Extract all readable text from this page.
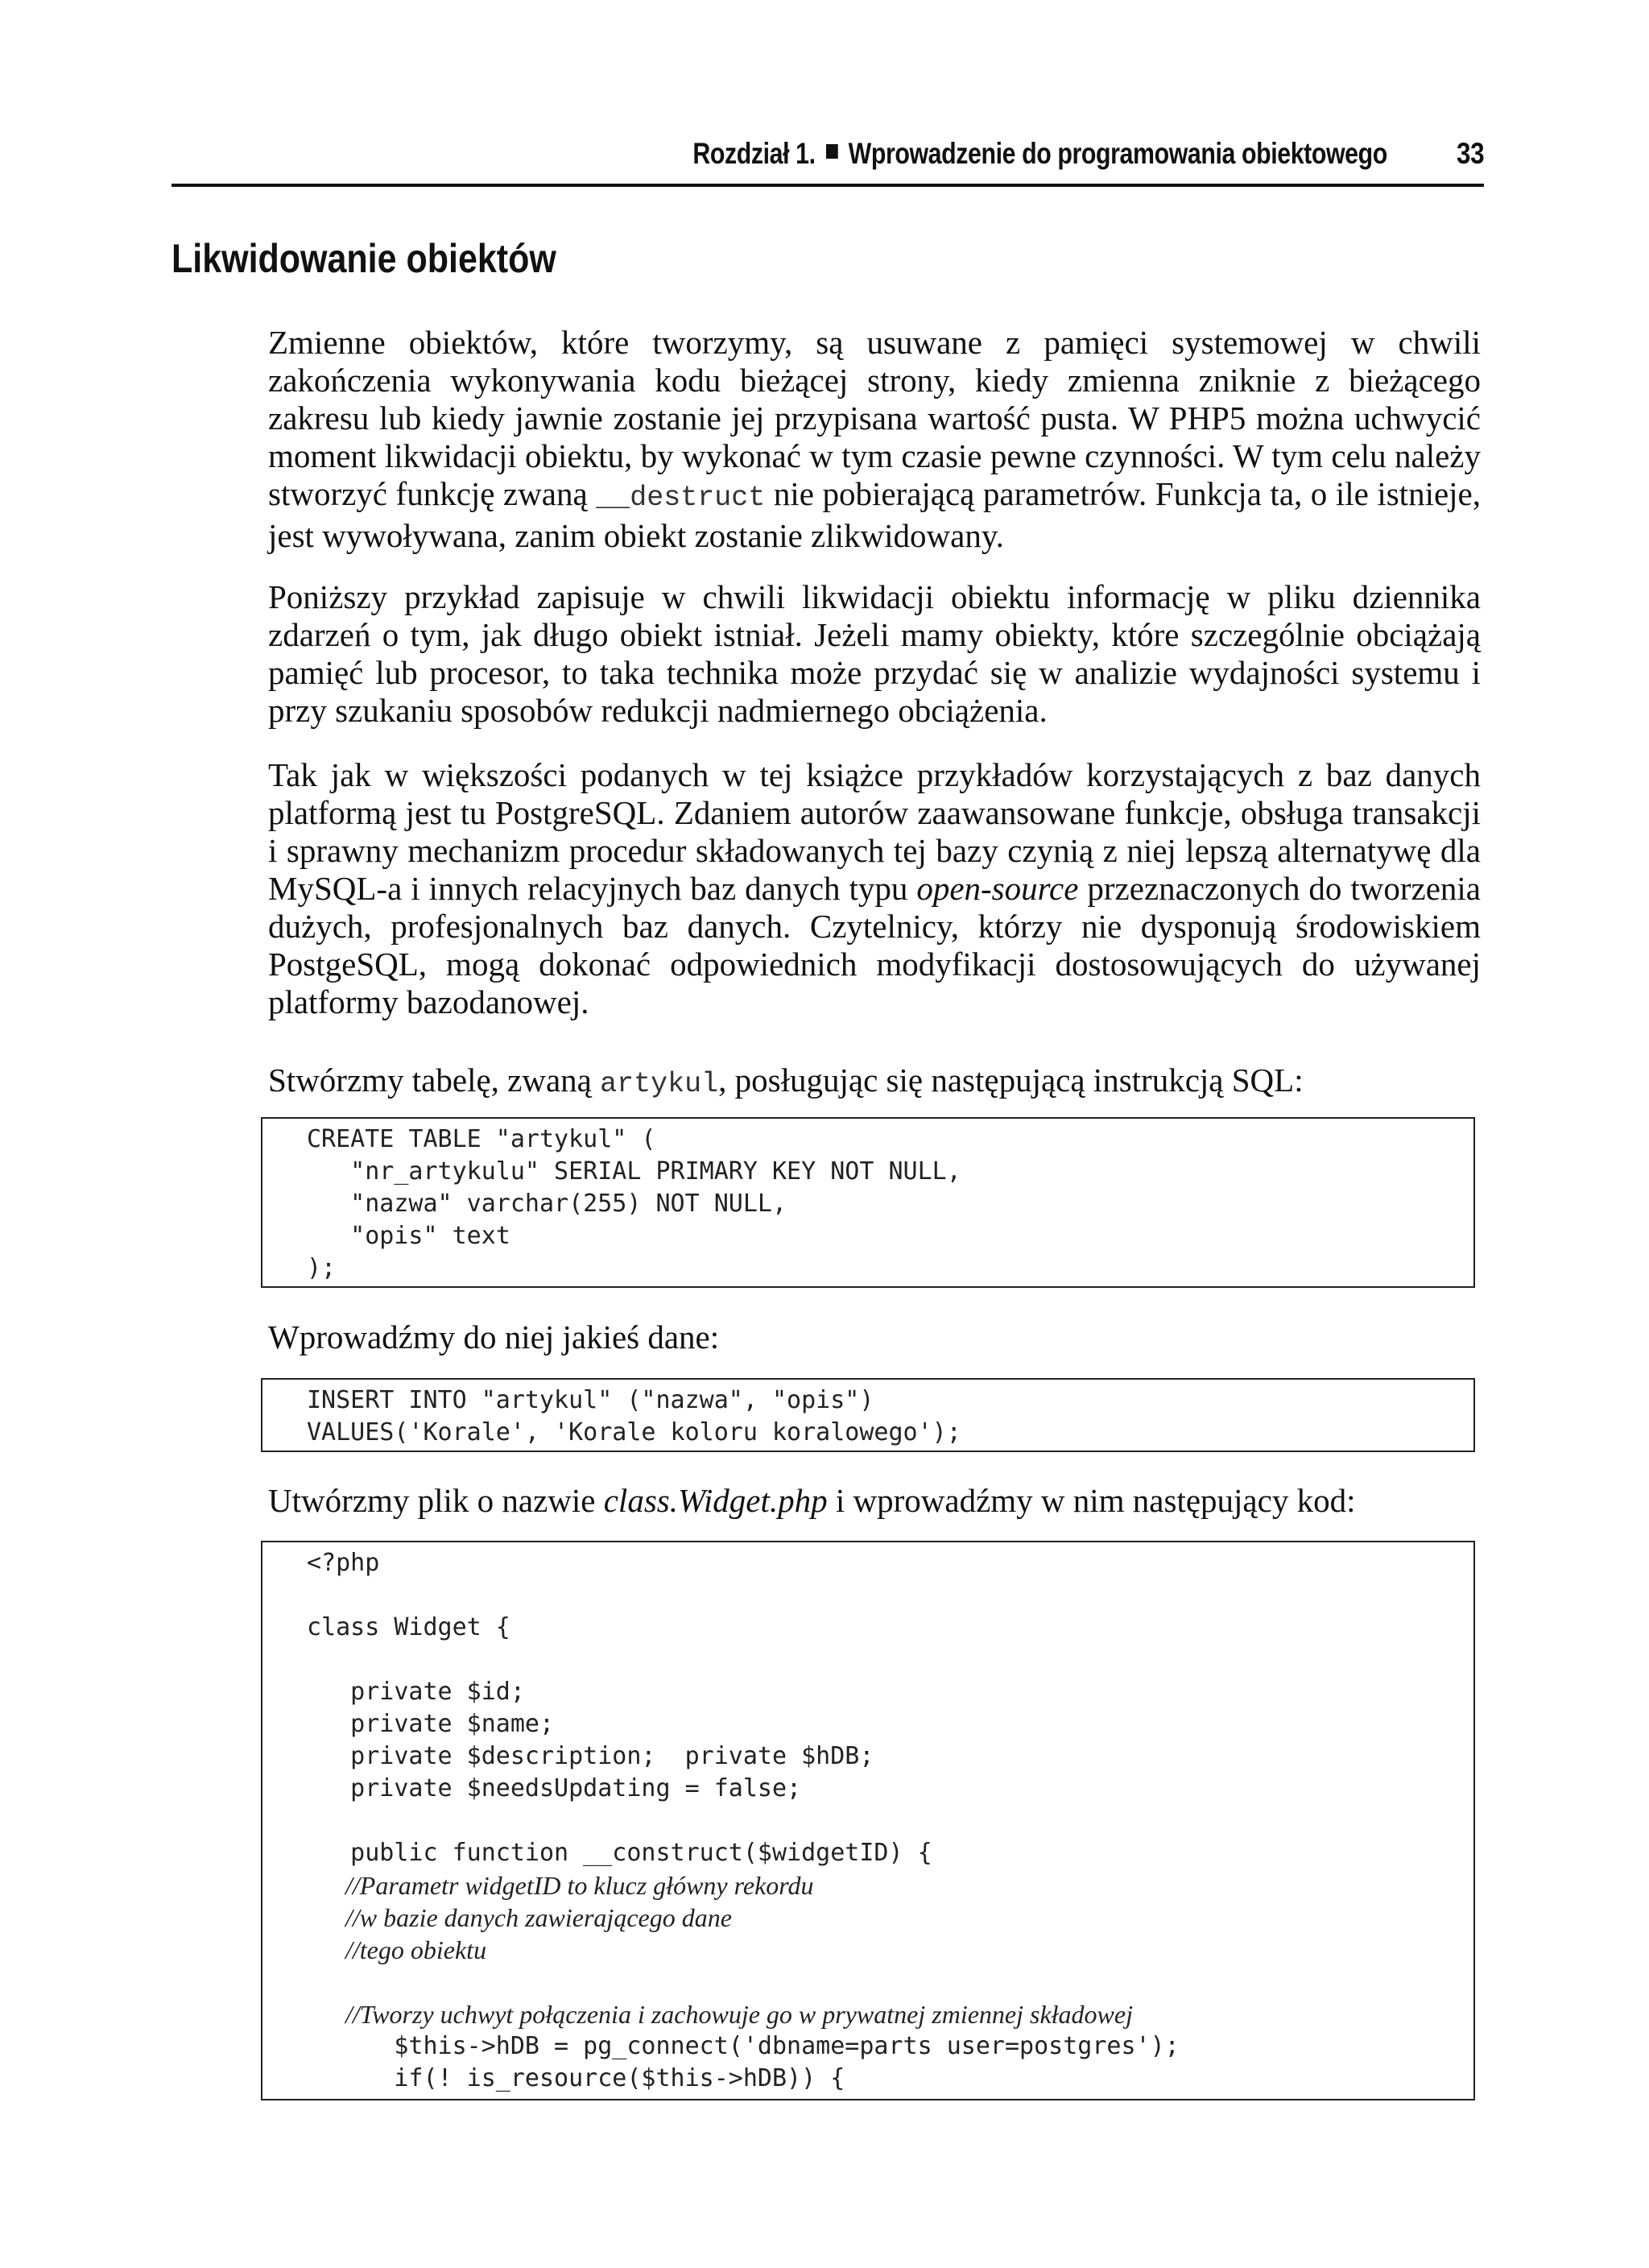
Rozdział 1. Wprowadzenie do programowania obiektowego 33
Likwidowanie obiektów

Zmienne obiektów, które tworzymy, są usuwane z pamięci systemowej w chwili zakończenia wykonywania kodu bieżącej strony, kiedy zmienna zniknie z bieżącego zakresu lub kiedy jawnie zostanie jej przypisana wartość pusta. W PHP5 można uchwycić moment likwidacji obiektu, by wykonać w tym czasie pewne czynności. W tym celu należy stworzyć funkcję zwaną __destruct nie pobierającą parametrów. Funkcja ta, o ile istnieje, jest wywoływana, zanim obiekt zostanie zlikwidowany.

Poniższy przykład zapisuje w chwili likwidacji obiektu informację w pliku dziennika zdarzeń o tym, jak długo obiekt istniał. Jeżeli mamy obiekty, które szczególnie obciążają pamięć lub procesor, to taka technika może przydać się w analizie wydajności systemu i przy szukaniu sposobów redukcji nadmiernego obciążenia.

Tak jak w większości podanych w tej książce przykładów korzystających z baz danych platformą jest tu PostgreSQL. Zdaniem autorów zaawansowane funkcje, obsługa transakcji i sprawny mechanizm procedur składowanych tej bazy czynią z niej lepszą alternatywę dla MySQL-a i innych relacyjnych baz danych typu open-source przeznaczonych do tworzenia dużych, profesjonalnych baz danych. Czytelnicy, którzy nie dysponują środowiskiem PostgeSQL, mogą dokonać odpowiednich modyfikacji dostosowujących do używanej platformy bazodanowej.

Stwórzmy tabelę, zwaną artykul, posługując się następującą instrukcją SQL:

CREATE TABLE "artykul" (
"nr_artykulu" SERIAL PRIMARY KEY NOT NULL,
"nazwa" varchar(255) NOT NULL,
"opis" text
);

Wprowadźmy do niej jakieś dane:

INSERT INTO "artykul" ("nazwa", "opis")
VALUES('Korale', 'Korale koloru koralowego');

Utwórzmy plik o nazwie class.Widget.php i wprowadźmy w nim następujący kod:

<?php
class Widget {
private $id;
private $name;
private $description;  private $hDB;
private $needsUpdating = false;
public function __construct($widgetID) {
//Parametr widgetID to klucz główny rekordu
//w bazie danych zawierającego dane
//tego obiektu
//Tworzy uchwyt połączenia i zachowuje go w prywatnej zmiennej składowej
$this->hDB = pg_connect('dbname=parts user=postgres');
if(! is_resource($this->hDB)) {
